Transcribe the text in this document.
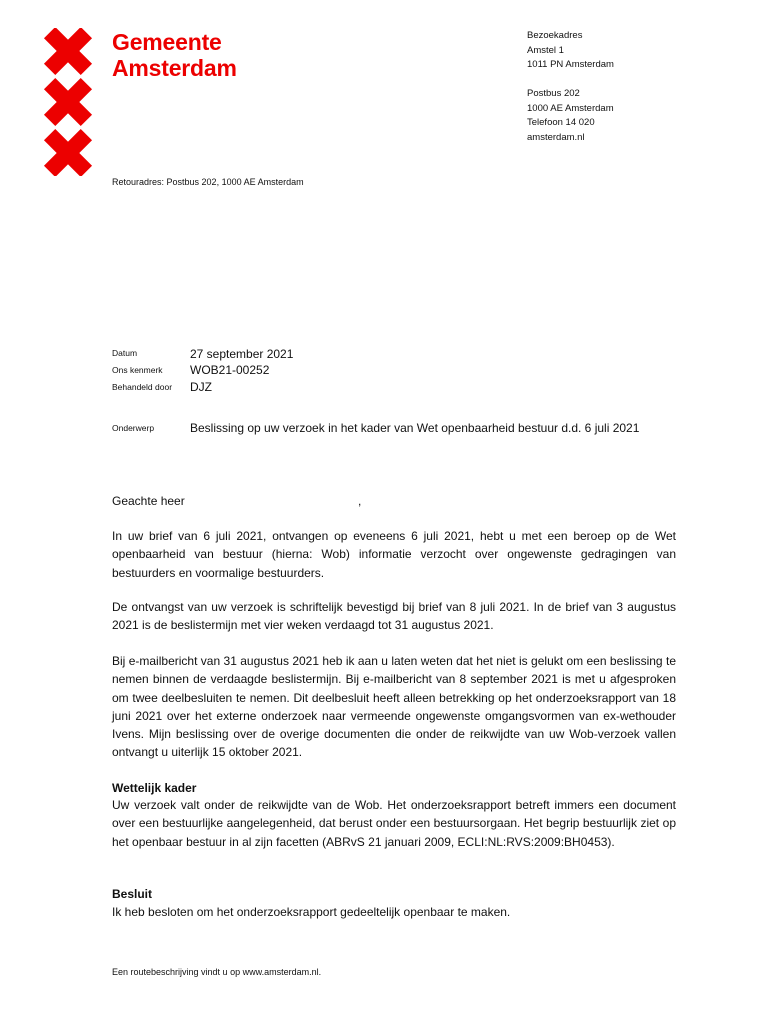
Gemeente
Amsterdam
Bezoekadres
Amstel 1
1011 PN Amsterdam
Postbus 202
1000 AE Amsterdam
Telefoon 14 020
amsterdam.nl
Retouradres: Postbus 202, 1000 AE Amsterdam
Datum	27 september 2021
Ons kenmerk WOB21-00252
Behandeld door DJZ
Onderwerp	Beslissing op uw verzoek in het kader van Wet openbaarheid bestuur d.d. 6 juli 2021
Geachte heer	,
In uw brief van 6 juli 2021, ontvangen op eveneens 6 juli 2021, hebt u met een beroep op de Wet openbaarheid van bestuur (hierna: Wob) informatie verzocht over ongewenste gedragingen van bestuurders en voormalige bestuurders.
De ontvangst van uw verzoek is schriftelijk bevestigd bij brief van 8 juli 2021. In de brief van 3 augustus 2021 is de beslistermijn met vier weken verdaagd tot 31 augustus 2021.
Bij e-mailbericht van 31 augustus 2021 heb ik aan u laten weten dat het niet is gelukt om een beslissing te nemen binnen de verdaagde beslistermijn. Bij e-mailbericht van 8 september 2021 is met u afgesproken om twee deelbesluiten te nemen. Dit deelbesluit heeft alleen betrekking op het onderzoeksrapport van 18 juni 2021 over het externe onderzoek naar vermeende ongewenste omgangsvormen van ex-wethouder Ivens. Mijn beslissing over de overige documenten die onder de reikwijdte van uw Wob-verzoek vallen ontvangt u uiterlijk 15 oktober 2021.
Wettelijk kader
Uw verzoek valt onder de reikwijdte van de Wob. Het onderzoeksrapport betreft immers een document over een bestuurlijke aangelegenheid, dat berust onder een bestuursorgaan. Het begrip bestuurlijk ziet op het openbaar bestuur in al zijn facetten (ABRvS 21 januari 2009, ECLI:NL:RVS:2009:BH0453).
Besluit
Ik heb besloten om het onderzoeksrapport gedeeltelijk openbaar te maken.
Een routebeschrijving vindt u op www.amsterdam.nl.
